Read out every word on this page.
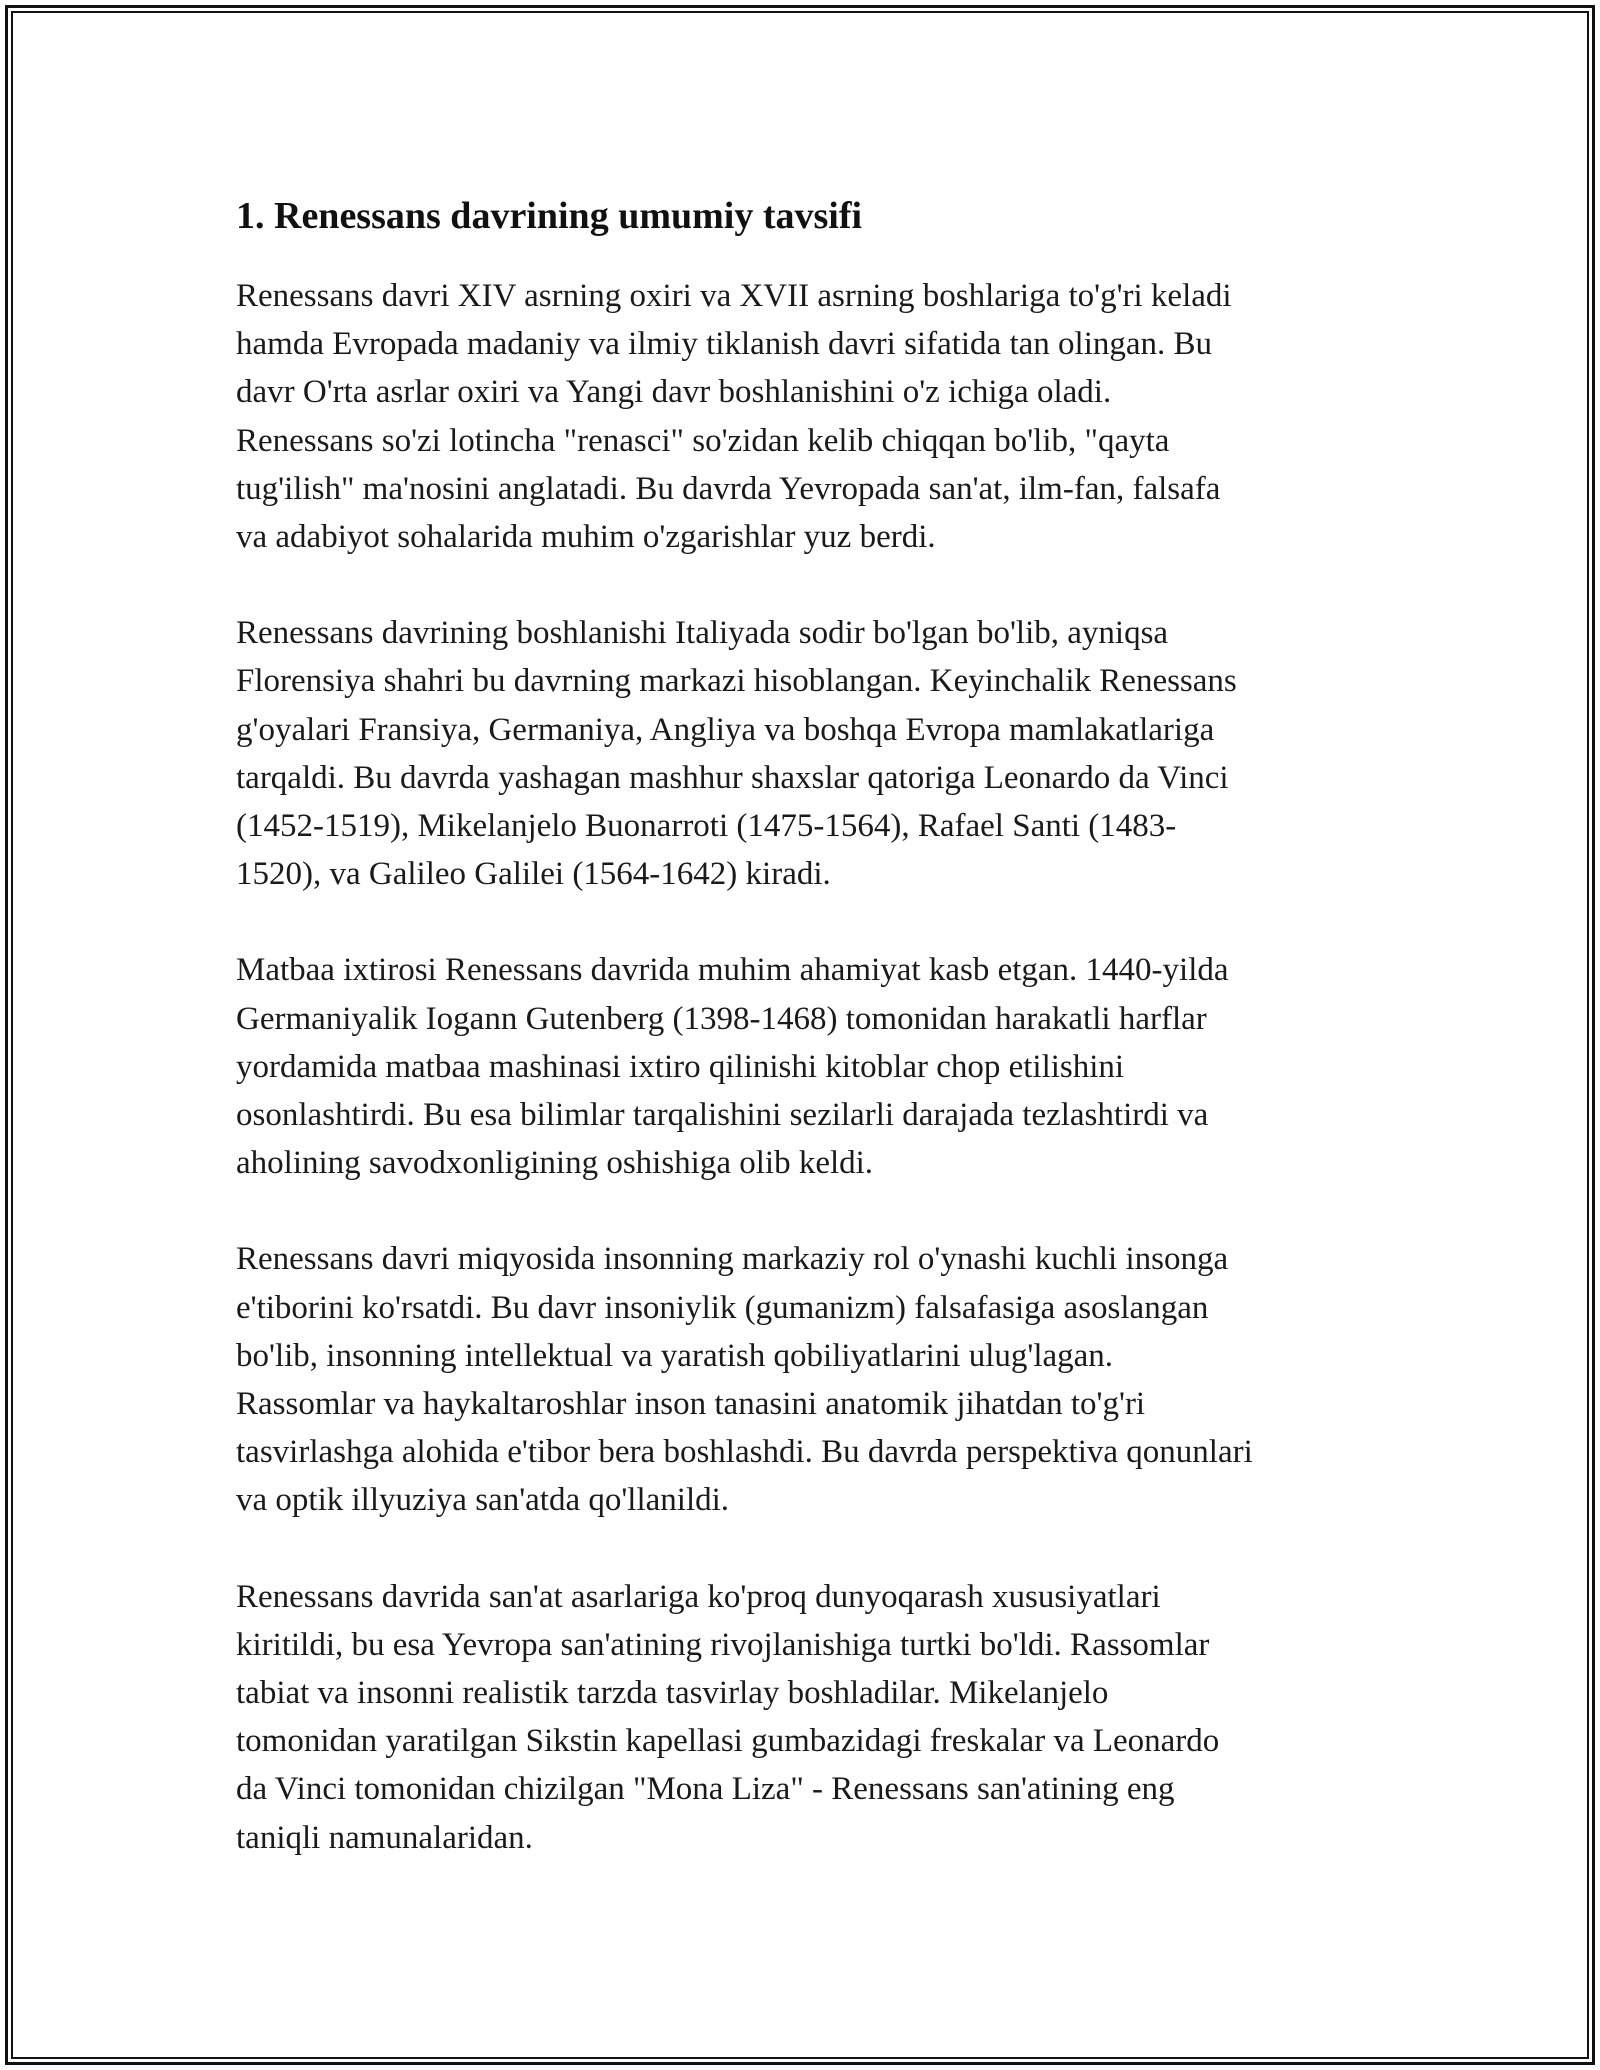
1. Renessans davrining umumiy tavsifi

Renessans davri XIV asrning oxiri va XVII asrning boshlariga to'g'ri keladi
hamda Evropada madaniy va ilmiy tiklanish davri sifatida tan olingan. Bu
davr O'rta asrlar oxiri va Yangi davr boshlanishini o'z ichiga oladi.
Renessans so'zi lotincha "renasci" so'zidan kelib chiqqan bo'lib, "qayta
tug'ilish" ma'nosini anglatadi. Bu davrda Yevropada san'at, ilm-fan, falsafa
va adabiyot sohalarida muhim o'zgarishlar yuz berdi.

Renessans davrining boshlanishi Italiyada sodir bo'lgan bo'lib, ayniqsa
Florensiya shahri bu davrning markazi hisoblangan. Keyinchalik Renessans
g'oyalari Fransiya, Germaniya, Angliya va boshqa Evropa mamlakatlariga
tarqaldi. Bu davrda yashagan mashhur shaxslar qatoriga Leonardo da Vinci
(1452-1519), Mikelanjelo Buonarroti (1475-1564), Rafael Santi (1483-
1520), va Galileo Galilei (1564-1642) kiradi.

Matbaa ixtirosi Renessans davrida muhim ahamiyat kasb etgan. 1440-yilda
Germaniyalik Iogann Gutenberg (1398-1468) tomonidan harakatli harflar
yordamida matbaa mashinasi ixtiro qilinishi kitoblar chop etilishini
osonlashtirdi. Bu esa bilimlar tarqalishini sezilarli darajada tezlashtirdi va
aholining savodxonligining oshishiga olib keldi.

Renessans davri miqyosida insonning markaziy rol o'ynashi kuchli insonga
e'tiborini ko'rsatdi. Bu davr insoniylik (gumanizm) falsafasiga asoslangan
bo'lib, insonning intellektual va yaratish qobiliyatlarini ulug'lagan.
Rassomlar va haykaltaroshlar inson tanasini anatomik jihatdan to'g'ri
tasvirlashga alohida e'tibor bera boshlashdi. Bu davrda perspektiva qonunlari
va optik illyuziya san'atda qo'llanildi.

Renessans davrida san'at asarlariga ko'proq dunyoqarash xususiyatlari
kiritildi, bu esa Yevropa san'atining rivojlanishiga turtki bo'ldi. Rassomlar
tabiat va insonni realistik tarzda tasvirlay boshladilar. Mikelanjelo
tomonidan yaratilgan Sikstin kapellasi gumbazidagi freskalar va Leonardo
da Vinci tomonidan chizilgan "Mona Liza" - Renessans san'atining eng
taniqli namunalaridan.
